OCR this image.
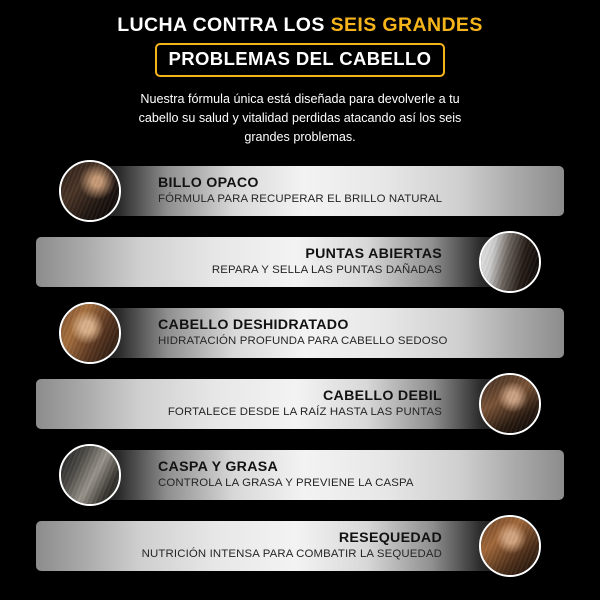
LUCHA CONTRA LOS SEIS GRANDES
PROBLEMAS DEL CABELLO

Nuestra fórmula única está diseñada para devolverle a tu cabello su salud y vitalidad perdidas atacando así los seis grandes problemas.

BILLO OPACO
FÓRMULA PARA RECUPERAR EL BRILLO NATURAL
PUNTAS ABIERTAS
REPARA Y SELLA LAS PUNTAS DAÑADAS
CABELLO DESHIDRATADO
HIDRATACIÓN PROFUNDA PARA CABELLO SEDOSO
CABELLO DEBIL
FORTALECE DESDE LA RAÍZ HASTA LAS PUNTAS
CASPA Y GRASA
CONTROLA LA GRASA Y PREVIENE LA CASPA
RESEQUEDAD
NUTRICIÓN INTENSA PARA COMBATIR LA SEQUEDAD
